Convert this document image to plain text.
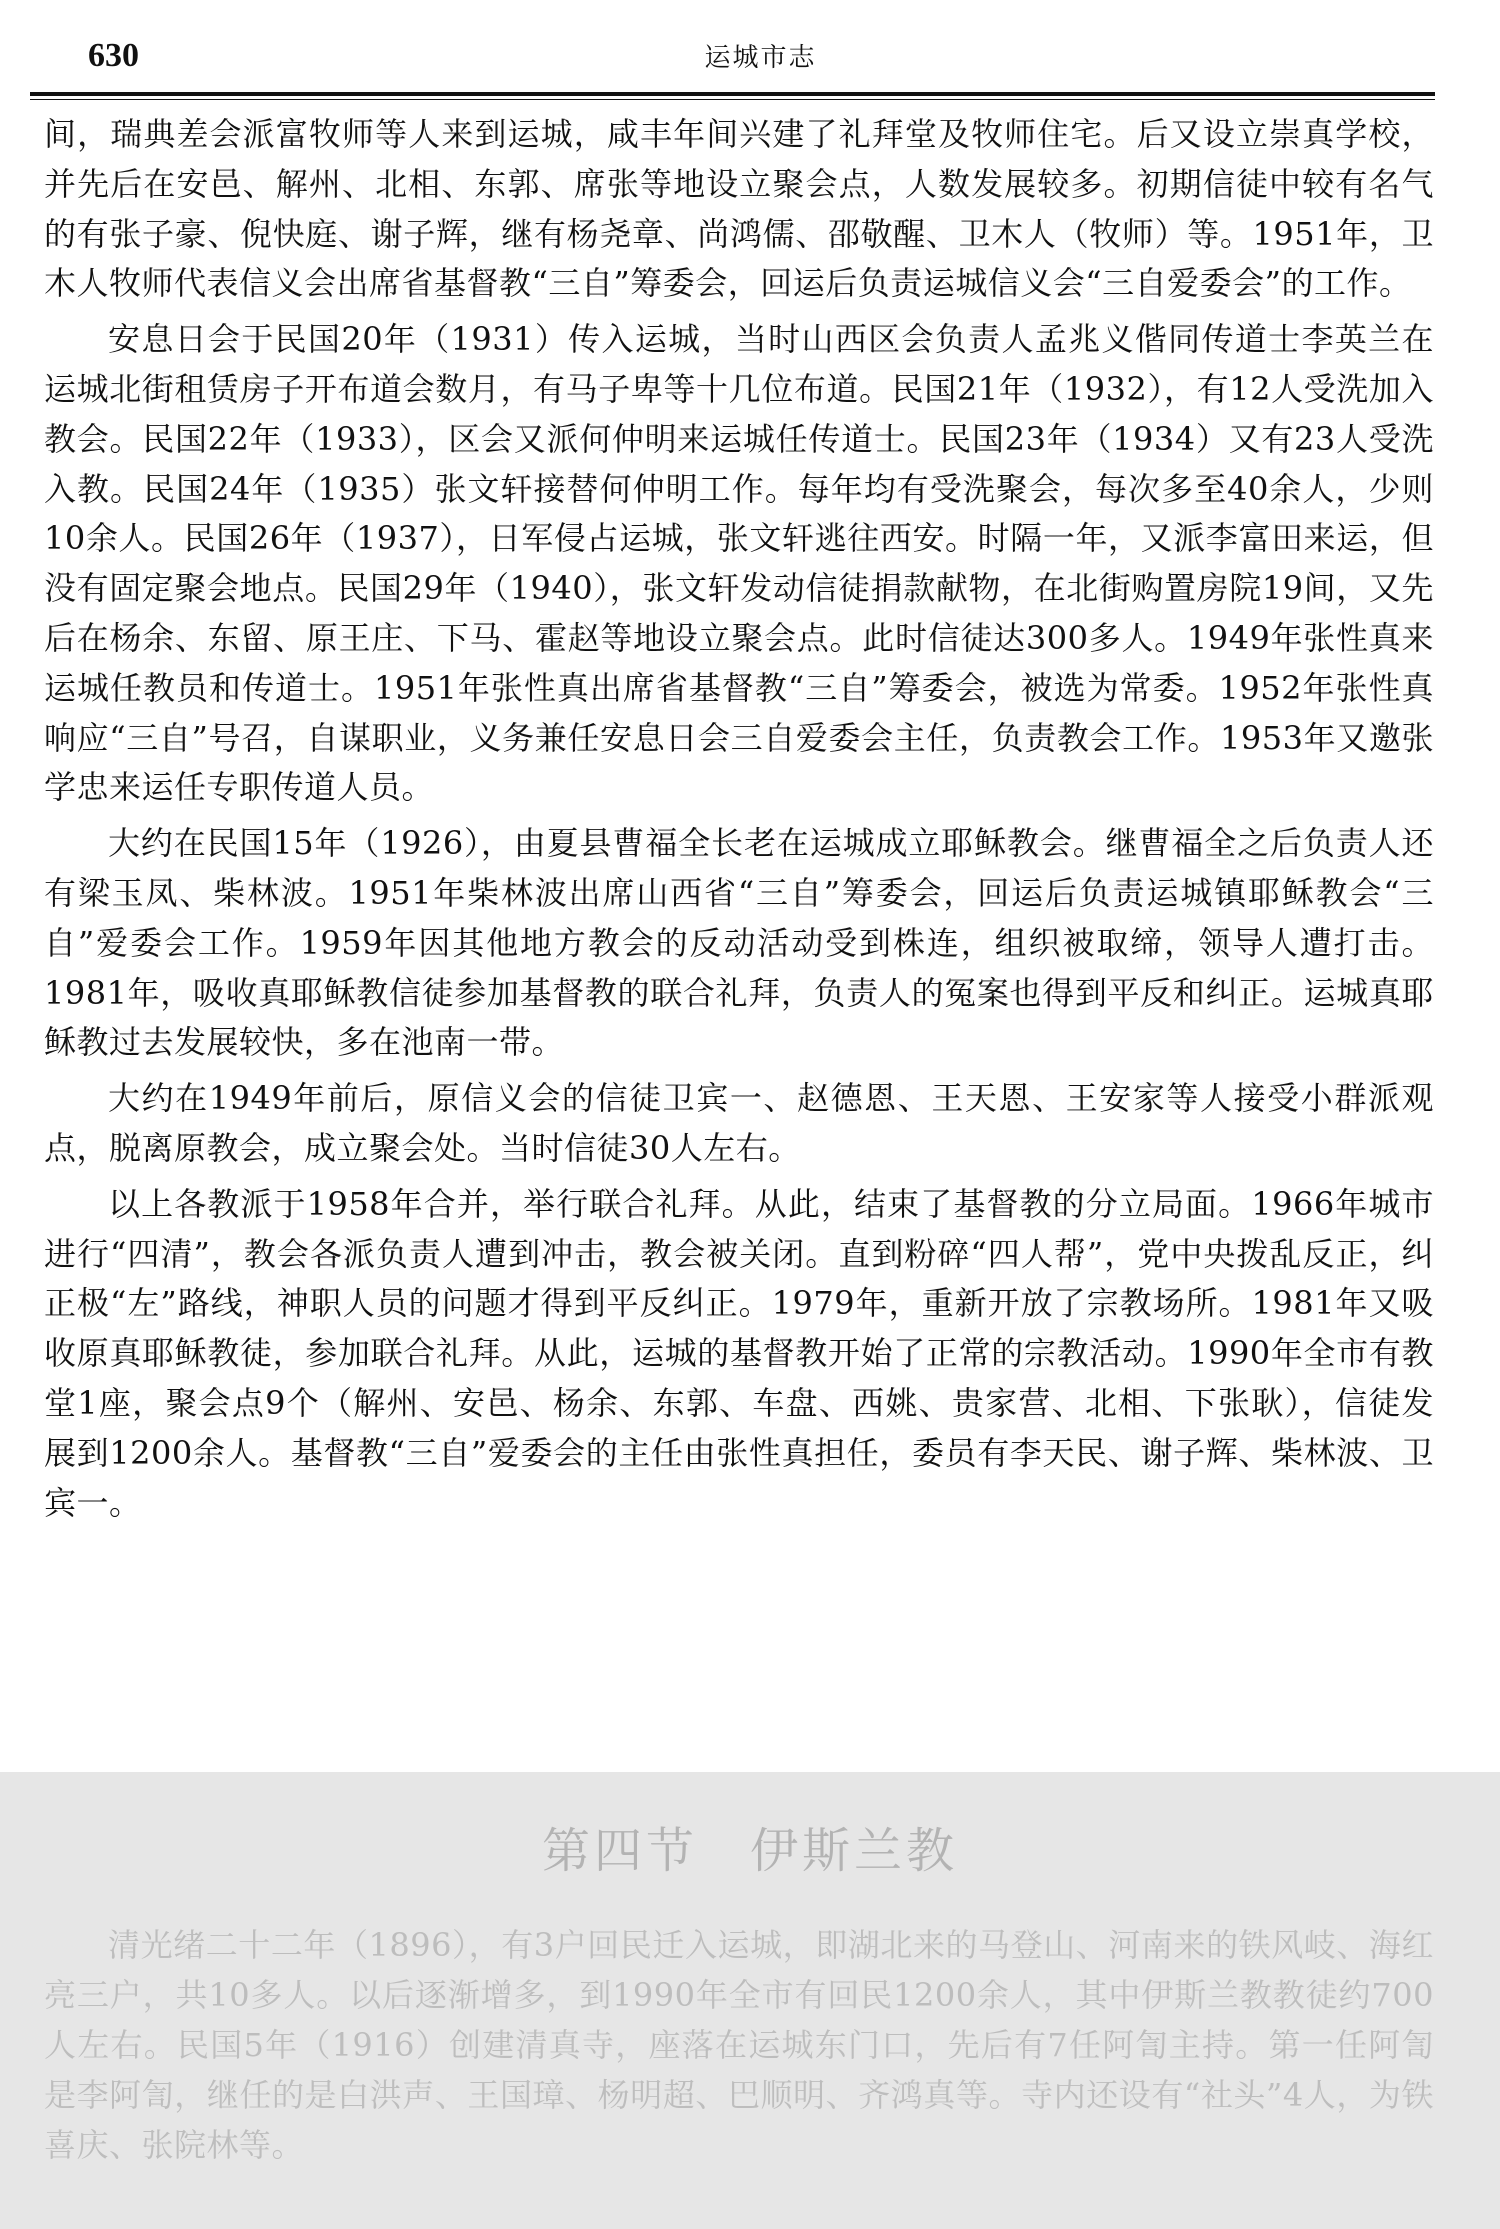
630	运城市志

间，瑞典差会派富牧师等人来到运城，咸丰年间兴建了礼拜堂及牧师住宅。后又设立崇真学校，并先后在安邑、解州、北相、东郭、席张等地设立聚会点，人数发展较多。初期信徒中较有名气的有张子豪、倪快庭、谢子辉，继有杨尧章、尚鸿儒、邵敬醒、卫木人（牧师）等。1951年，卫木人牧师代表信义会出席省基督教“三自”筹委会，回运后负责运城信义会“三自爱委会”的工作。

安息日会于民国20年（1931）传入运城，当时山西区会负责人孟兆义偕同传道士李英兰在运城北街租赁房子开布道会数月，有马子卑等十几位布道。民国21年（1932），有12人受洗加入教会。民国22年（1933），区会又派何仲明来运城任传道士。民国23年（1934）又有23人受洗入教。民国24年（1935）张文轩接替何仲明工作。每年均有受洗聚会，每次多至40余人，少则10余人。民国26年（1937），日军侵占运城，张文轩逃往西安。时隔一年，又派李富田来运，但没有固定聚会地点。民国29年（1940），张文轩发动信徒捐款献物，在北街购置房院19间，又先后在杨余、东留、原王庄、下马、霍赵等地设立聚会点。此时信徒达300多人。1949年张性真来运城任教员和传道士。1951年张性真出席省基督教“三自”筹委会，被选为常委。1952年张性真响应“三自”号召，自谋职业，义务兼任安息日会三自爱委会主任，负责教会工作。1953年又邀张学忠来运任专职传道人员。

大约在民国15年（1926），由夏县曹福全长老在运城成立耶稣教会。继曹福全之后负责人还有梁玉凤、柴林波。1951年柴林波出席山西省“三自”筹委会，回运后负责运城镇耶稣教会“三自”爱委会工作。1959年因其他地方教会的反动活动受到株连，组织被取缔，领导人遭打击。1981年，吸收真耶稣教信徒参加基督教的联合礼拜，负责人的冤案也得到平反和纠正。运城真耶稣教过去发展较快，多在池南一带。

大约在1949年前后，原信义会的信徒卫宾一、赵德恩、王天恩、王安家等人接受小群派观点，脱离原教会，成立聚会处。当时信徒30人左右。

以上各教派于1958年合并，举行联合礼拜。从此，结束了基督教的分立局面。1966年城市进行“四清”，教会各派负责人遭到冲击，教会被关闭。直到粉碎“四人帮”，党中央拨乱反正，纠正极“左”路线，神职人员的问题才得到平反纠正。1979年，重新开放了宗教场所。1981年又吸收原真耶稣教徒，参加联合礼拜。从此，运城的基督教开始了正常的宗教活动。1990年全市有教堂1座，聚会点9个（解州、安邑、杨余、东郭、车盘、西姚、贵家营、北相、下张耿），信徒发展到1200余人。基督教“三自”爱委会的主任由张性真担任，委员有李天民、谢子辉、柴林波、卫宾一。

第四节　伊斯兰教

清光绪二十二年（1896），有3户回民迁入运城，即湖北来的马登山、河南来的铁风岐、海红亮三户，共10多人。以后逐渐增多，到1990年全市有回民1200余人，其中伊斯兰教教徒约700人左右。民国5年（1916）创建清真寺，座落在运城东门口，先后有7任阿訇主持。第一任阿訇是李阿訇，继任的是白洪声、王国璋、杨明超、巴顺明、齐鸿真等。寺内还设有“社头”4人，为铁喜庆、张院林等。
